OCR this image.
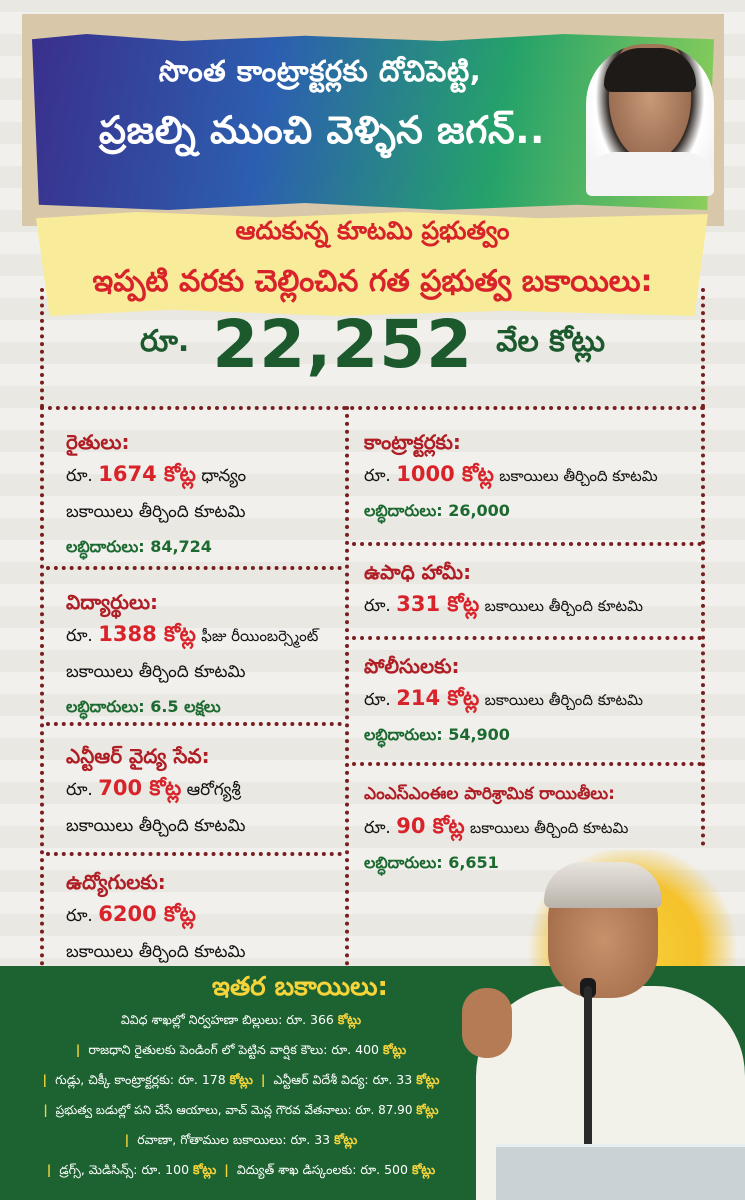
సొంత కాంట్రాక్టర్లకు దోచిపెట్టి,
ప్రజల్ని ముంచి వెళ్ళిన జగన్..
ఆదుకున్న కూటమి ప్రభుత్వం
ఇప్పటి వరకు చెల్లించిన గత ప్రభుత్వ బకాయిలు:
రూ. 22,252 వేల కోట్లు
రైతులు:
రూ. 1674 కోట్ల ధాన్యం
బకాయిలు తీర్చింది కూటమి
లబ్ధిదారులు: 84,724
విద్యార్థులు:
రూ. 1388 కోట్ల ఫీజు రీయింబర్స్మెంట్
బకాయిలు తీర్చింది కూటమి
లబ్ధిదారులు: 6.5 లక్షలు
ఎన్టీఆర్ వైద్య సేవ:
రూ. 700 కోట్ల ఆరోగ్యశ్రీ
బకాయిలు తీర్చింది కూటమి
ఉద్యోగులకు:
రూ. 6200 కోట్ల
బకాయిలు తీర్చింది కూటమి
కాంట్రాక్టర్లకు:
రూ. 1000 కోట్ల బకాయిలు తీర్చింది కూటమి
లబ్ధిదారులు: 26,000
ఉపాధి హామీ:
రూ. 331 కోట్ల బకాయిలు తీర్చింది కూటమి
పోలీసులకు:
రూ. 214 కోట్ల బకాయిలు తీర్చింది కూటమి
లబ్ధిదారులు: 54,900
ఎంఎస్ఎంఈల పారిశ్రామిక రాయితీలు:
రూ. 90 కోట్ల బకాయిలు తీర్చింది కూటమి
లబ్ధిదారులు: 6,651
ఇతర బకాయిలు:
వివిధ శాఖల్లో నిర్వహణా బిల్లులు: రూ. 366 కోట్లు
| రాజధాని రైతులకు పెండింగ్ లో పెట్టిన వార్షిక కౌలు: రూ. 400 కోట్లు
| గుడ్లు, చిక్కీ కాంట్రాక్టర్లకు: రూ. 178 కోట్లు | ఎన్టీఆర్ విదేశీ విద్య: రూ. 33 కోట్లు
| ప్రభుత్వ బడుల్లో పని చేసే ఆయాలు, వాచ్ మెన్ల గౌరవ వేతనాలు: రూ. 87.90 కోట్లు
| రవాణా, గోతాముల బకాయిలు: రూ. 33 కోట్లు
| డ్రగ్స్, మెడిసిన్స్: రూ. 100 కోట్లు | విద్యుత్ శాఖ డిస్కంలకు: రూ. 500 కోట్లు
